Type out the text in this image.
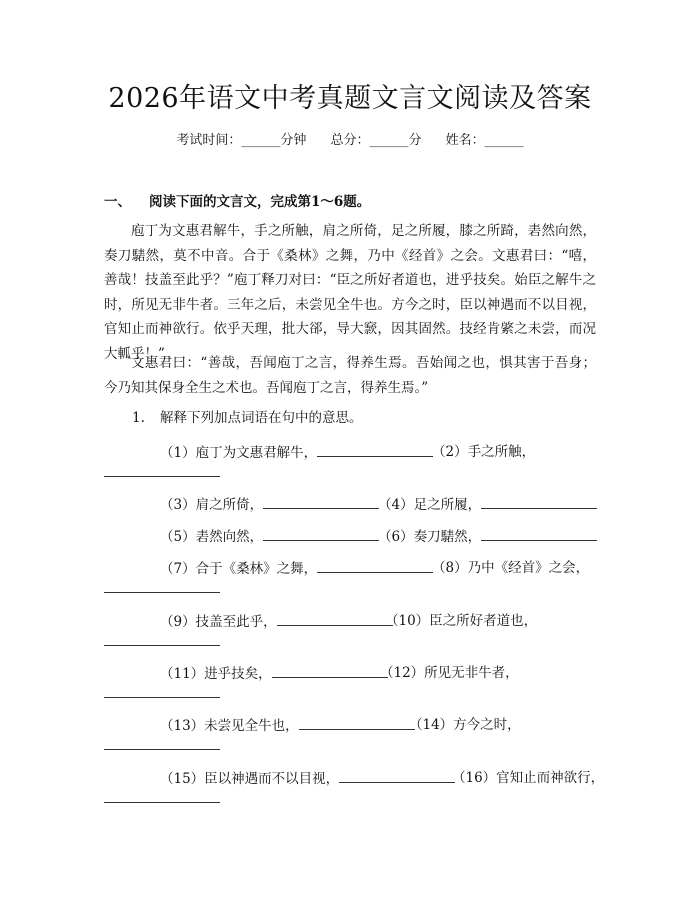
2026年语文中考真题文言文阅读及答案
考试时间：______分钟 总分：______分 姓名：______
一、 阅读下面的文言文，完成第1～6题。
庖丁为文惠君解牛，手之所触，肩之所倚，足之所履，膝之所踦，砉然向然，奏刀騞然，莫不中音。合于《桑林》之舞，乃中《经首》之会。文惠君曰：“嘻，善哉！技盖至此乎？”庖丁释刀对曰：“臣之所好者道也，进乎技矣。始臣之解牛之时，所见无非牛者。三年之后，未尝见全牛也。方今之时，臣以神遇而不以目视，官知止而神欲行。依乎天理，批大郤，导大窾，因其固然。技经肯綮之未尝，而况大軱乎！”
文惠君曰：“善哉，吾闻庖丁之言，得养生焉。吾始闻之也，惧其害于吾身；今乃知其保身全生之术也。吾闻庖丁之言，得养生焉。”
1. 解释下列加点词语在句中的意思。
（1）庖丁为文惠君解牛，	（2）手之所触，
（3）肩之所倚，	（4）足之所履，
（5）砉然向然，	（6）奏刀騞然，
（7）合于《桑林》之舞，	（8）乃中《经首》之会，
（9）技盖至此乎，	（10）臣之所好者道也，
（11）进乎技矣，	（12）所见无非牛者，
（13）未尝见全牛也，	（14）方今之时，
（15）臣以神遇而不以目视，	（16）官知止而神欲行，
